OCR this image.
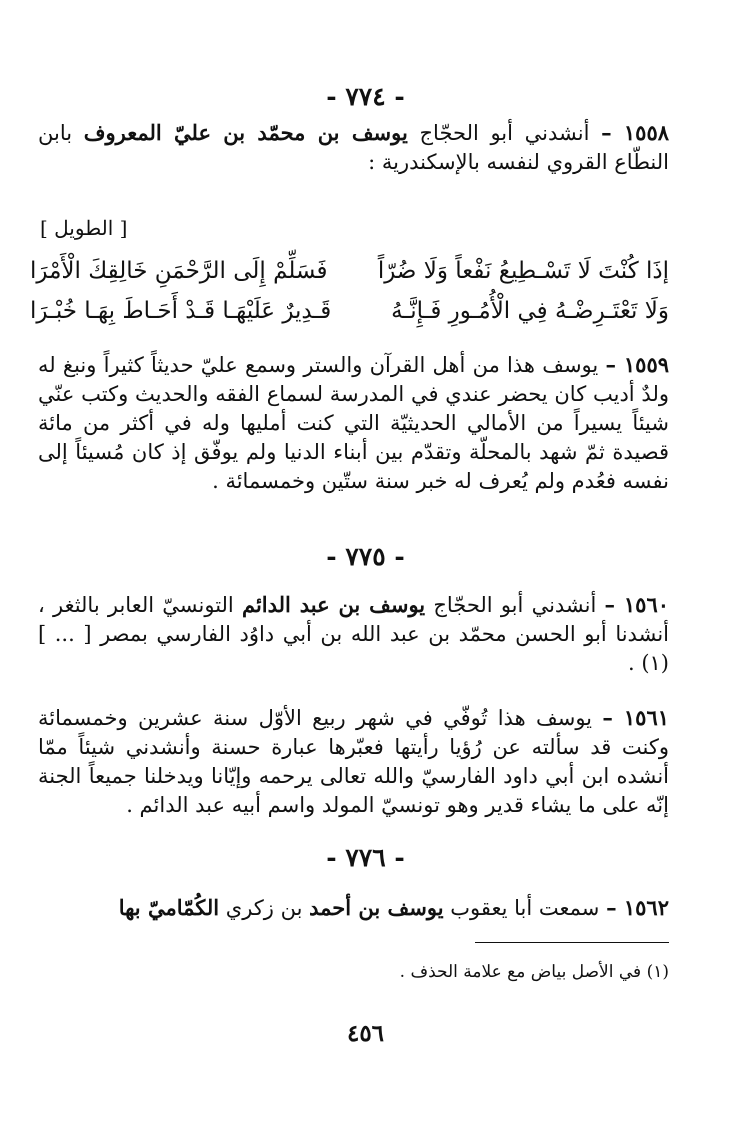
- ٧٧٤ -

١٥٥٨ – أنشدني أبو الحجّاج يوسف بن محمّد بن عليّ المعروف بابن النطّاع القروي لنفسه بالإسكندرية :

[ الطويل ]
إذَا كُنْتَ لَا تَسْـطِيعُ نَفْعاً وَلَا ضُرّاً
فَسَلِّمْ إِلَى الرَّحْمَنِ خَالِقِكَ الْأَمْرَا
وَلَا تَعْتَـرِضْـهُ فِي الْأُمُـورِ فَـإِنَّـهُ
قَـدِيرٌ عَلَيْهَـا قَـدْ أَحَـاطَ بِهَـا خُبْـرَا

١٥٥٩ – يوسف هذا من أهل القرآن والستر وسمع عليّ حديثاً كثيراً ونبغ له ولدٌ أديب كان يحضر عندي في المدرسة لسماع الفقه والحديث وكتب عنّي شيئاً يسيراً من الأمالي الحديثيّة التي كنت أمليها وله في أكثر من مائة قصيدة ثمّ شهد بالمحلّة وتقدّم بين أبناء الدنيا ولم يوفّق إذ كان مُسيئاً إلى نفسه فعُدم ولم يُعرف له خبر سنة ستّين وخمسمائة .

- ٧٧٥ -

١٥٦٠ – أنشدني أبو الحجّاج يوسف بن عبد الدائم التونسيّ العابر بالثغر ، أنشدنا أبو الحسن محمّد بن عبد الله بن أبي داوُد الفارسي بمصر [ ... ](١) .

١٥٦١ – يوسف هذا تُوفّي في شهر ربيع الأوّل سنة عشرين وخمسمائة وكنت قد سألته عن رُؤيا رأيتها فعبّرها عبارة حسنة وأنشدني شيئاً ممّا أنشده ابن أبي داود الفارسيّ والله تعالى يرحمه وإيّانا ويدخلنا جميعاً الجنة إنّه على ما يشاء قدير وهو تونسيّ المولد واسم أبيه عبد الدائم .

- ٧٧٦ -

١٥٦٢ – سمعت أبا يعقوب يوسف بن أحمد بن زكري الكُمّاميّ بها

(١) في الأصل بياض مع علامة الحذف .
٤٥٦
